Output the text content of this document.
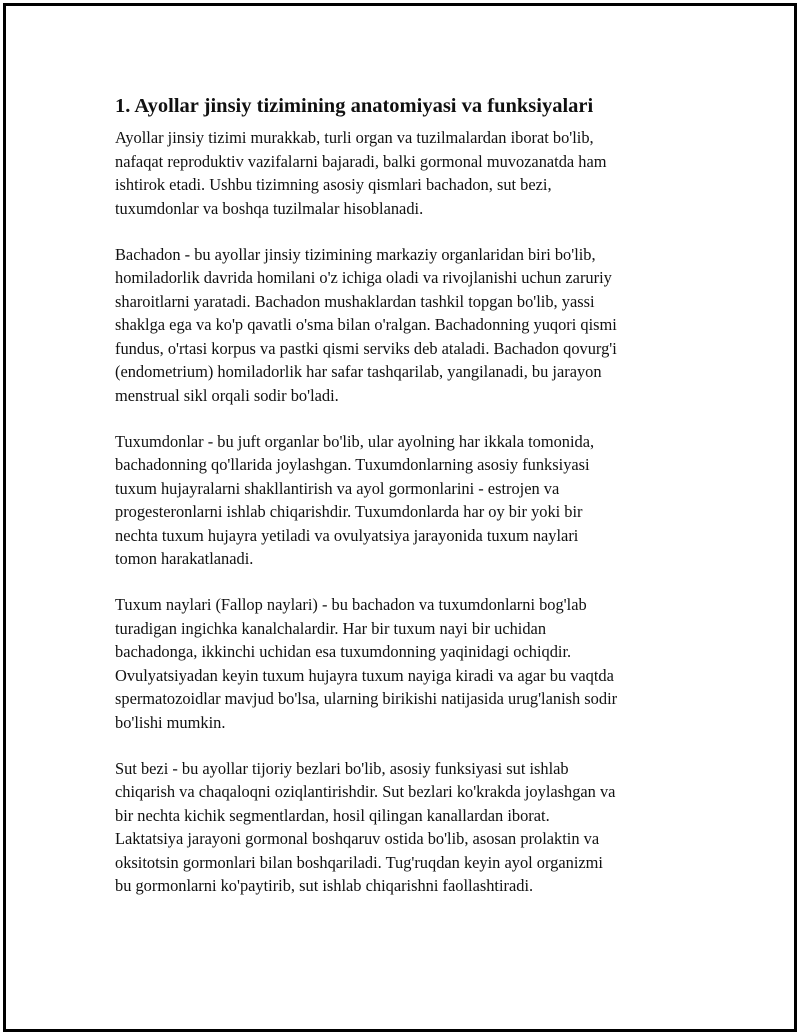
1. Ayollar jinsiy tizimining anatomiyasi va funksiyalari

Ayollar jinsiy tizimi murakkab, turli organ va tuzilmalardan iborat bo'lib,
nafaqat reproduktiv vazifalarni bajaradi, balki gormonal muvozanatda ham
ishtirok etadi. Ushbu tizimning asosiy qismlari bachadon, sut bezi,
tuxumdonlar va boshqa tuzilmalar hisoblanadi.

Bachadon - bu ayollar jinsiy tizimining markaziy organlaridan biri bo'lib,
homiladorlik davrida homilani o'z ichiga oladi va rivojlanishi uchun zaruriy
sharoitlarni yaratadi. Bachadon mushaklardan tashkil topgan bo'lib, yassi
shaklga ega va ko'p qavatli o'sma bilan o'ralgan. Bachadonning yuqori qismi
fundus, o'rtasi korpus va pastki qismi serviks deb ataladi. Bachadon qovurg'i
(endometrium) homiladorlik har safar tashqarilab, yangilanadi, bu jarayon
menstrual sikl orqali sodir bo'ladi.

Tuxumdonlar - bu juft organlar bo'lib, ular ayolning har ikkala tomonida,
bachadonning qo'llarida joylashgan. Tuxumdonlarning asosiy funksiyasi
tuxum hujayralarni shakllantirish va ayol gormonlarini - estrojen va
progesteronlarni ishlab chiqarishdir. Tuxumdonlarda har oy bir yoki bir
nechta tuxum hujayra yetiladi va ovulyatsiya jarayonida tuxum naylari
tomon harakatlanadi.

Tuxum naylari (Fallop naylari) - bu bachadon va tuxumdonlarni bog'lab
turadigan ingichka kanalchalardir. Har bir tuxum nayi bir uchidan
bachadonga, ikkinchi uchidan esa tuxumdonning yaqinidagi ochiqdir.
Ovulyatsiyadan keyin tuxum hujayra tuxum nayiga kiradi va agar bu vaqtda
spermatozoidlar mavjud bo'lsa, ularning birikishi natijasida urug'lanish sodir
bo'lishi mumkin.

Sut bezi - bu ayollar tijoriy bezlari bo'lib, asosiy funksiyasi sut ishlab
chiqarish va chaqaloqni oziqlantirishdir. Sut bezlari ko'krakda joylashgan va
bir nechta kichik segmentlardan, hosil qilingan kanallardan iborat.
Laktatsiya jarayoni gormonal boshqaruv ostida bo'lib, asosan prolaktin va
oksitotsin gormonlari bilan boshqariladi. Tug'ruqdan keyin ayol organizmi
bu gormonlarni ko'paytirib, sut ishlab chiqarishni faollashtiradi.
